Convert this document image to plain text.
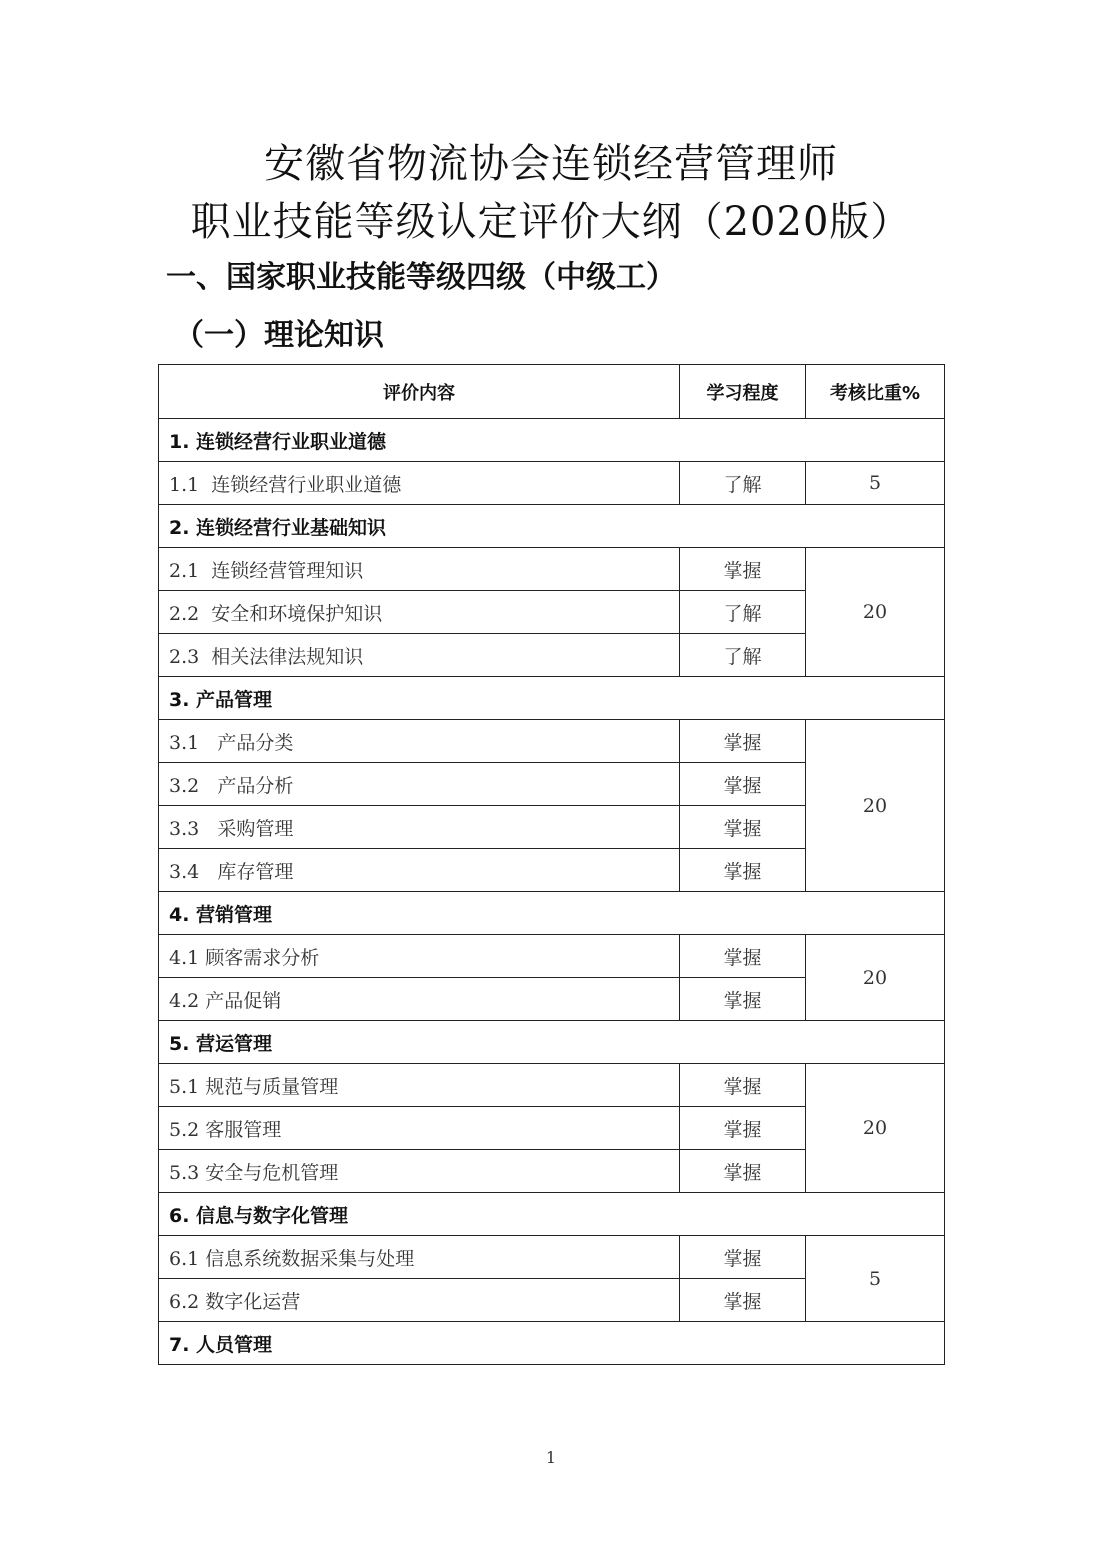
安徽省物流协会连锁经营管理师
职业技能等级认定评价大纲（2020版）
一、国家职业技能等级四级（中级工）
（一）理论知识
评价内容	学习程度	考核比重%
1. 连锁经营行业职业道德		
1.1  连锁经营行业职业道德	了解	5
2. 连锁经营行业基础知识		
2.1  连锁经营管理知识	掌握	20
2.2  安全和环境保护知识	了解	
2.3  相关法律法规知识	了解	
3. 产品管理		
3.1   产品分类	掌握	20
3.2   产品分析	掌握	
3.3   采购管理	掌握	
3.4   库存管理	掌握	
4. 营销管理		
4.1 顾客需求分析	掌握	20
4.2 产品促销	掌握	
5. 营运管理		
5.1 规范与质量管理	掌握	20
5.2 客服管理	掌握	
5.3 安全与危机管理	掌握	
6. 信息与数字化管理		
6.1 信息系统数据采集与处理	掌握	5
6.2 数字化运营	掌握	
7. 人员管理		
1
